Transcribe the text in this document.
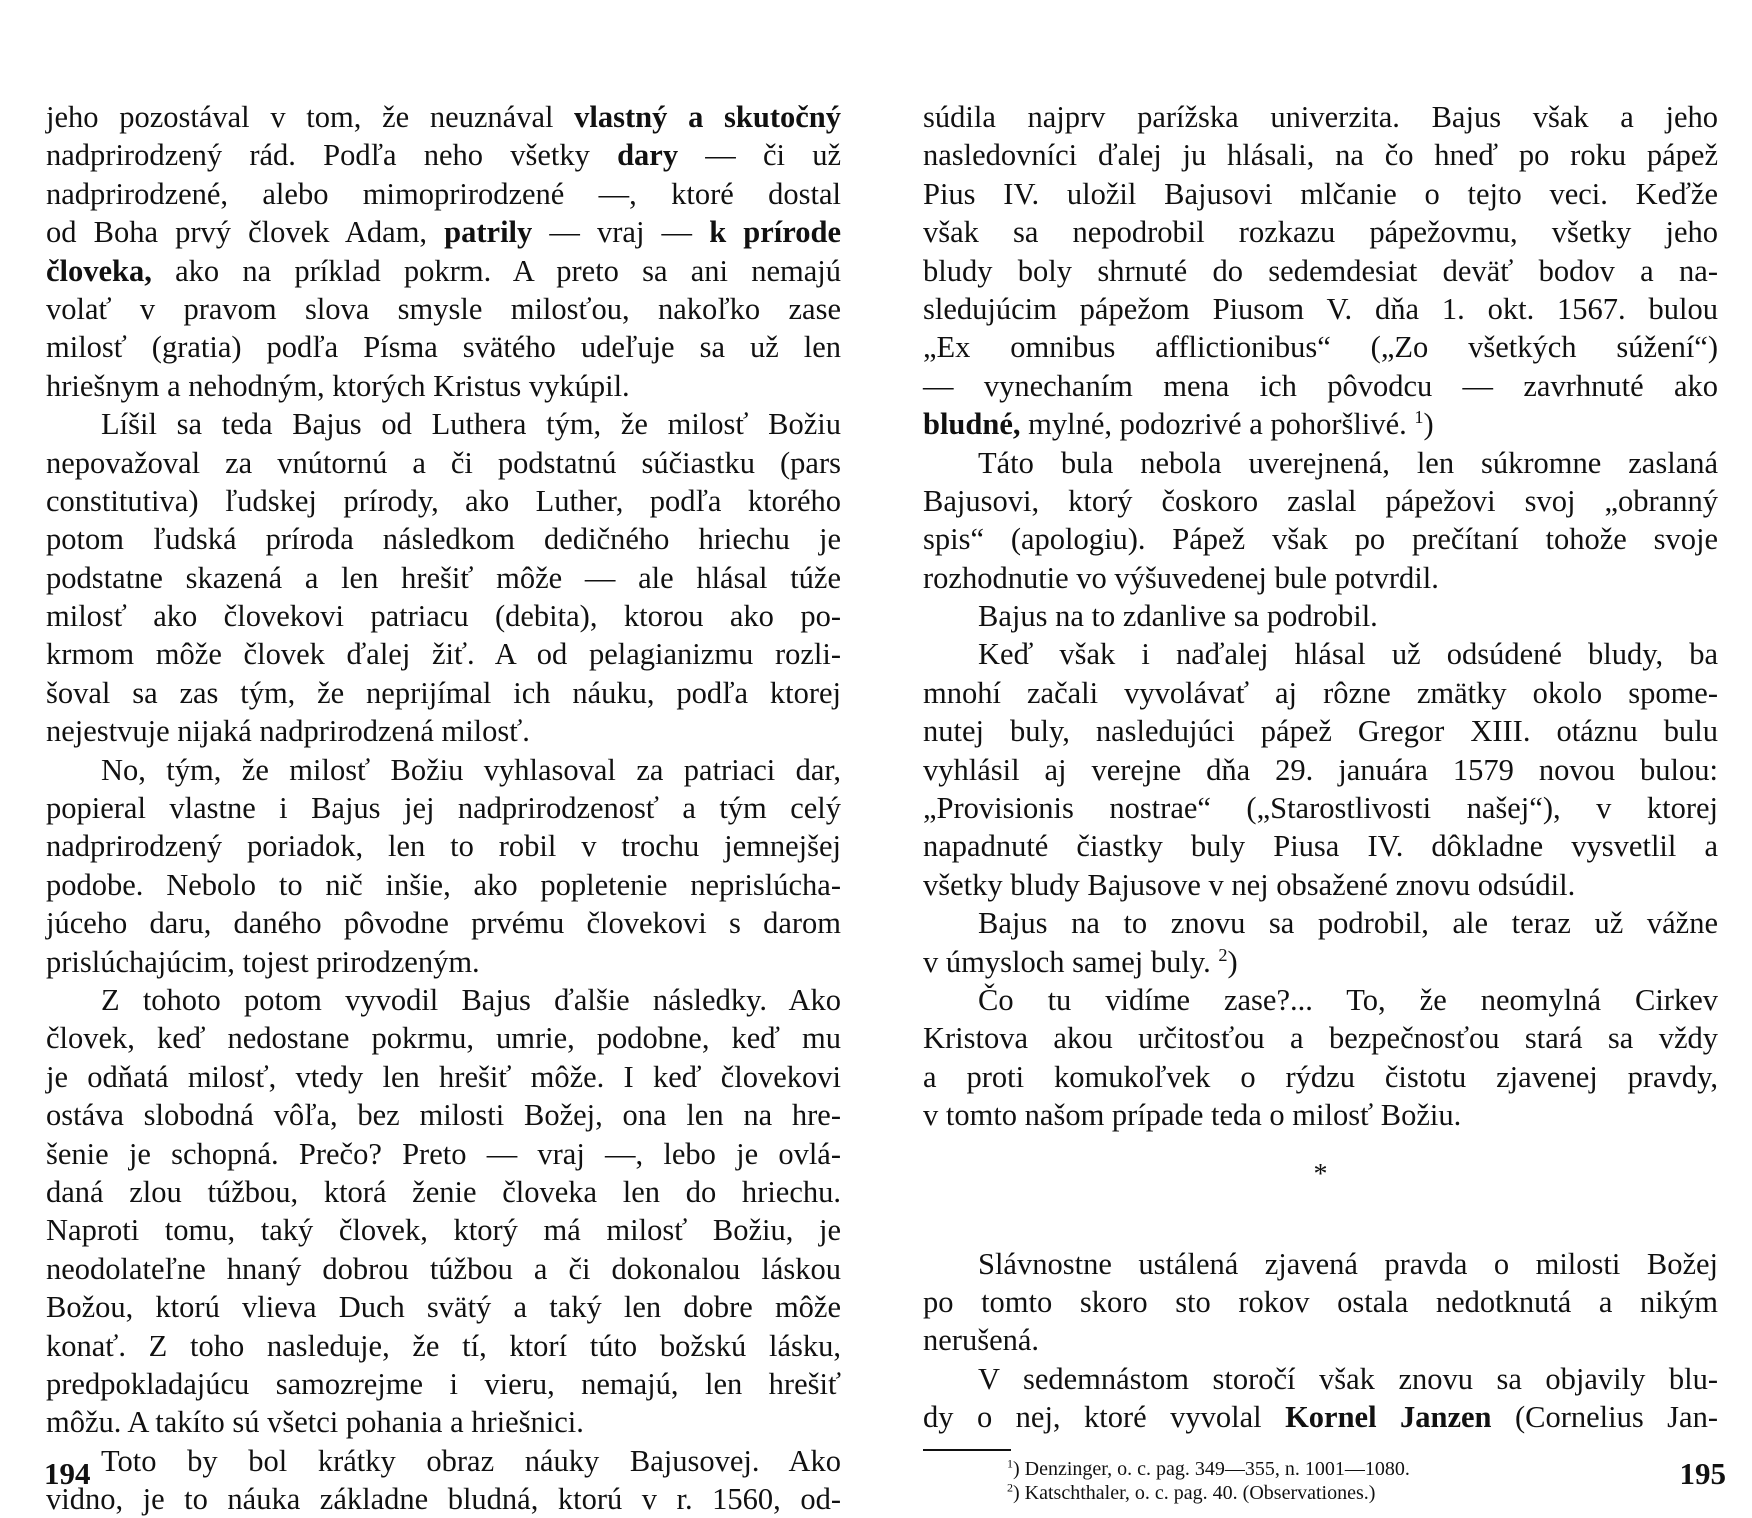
jeho pozostával v tom, že neuznával vlastný a skutočný
nadprirodzený rád. Podľa neho všetky dary — či už
nadprirodzené, alebo mimoprirodzené —, ktoré dostal
od Boha prvý človek Adam, patrily — vraj — k prírode
človeka, ako na príklad pokrm. A preto sa ani nemajú
volať v pravom slova smysle milosťou, nakoľko zase
milosť (gratia) podľa Písma svätého udeľuje sa už len
hriešnym a nehodným, ktorých Kristus vykúpil.
Líšil sa teda Bajus od Luthera tým, že milosť Božiu
nepovažoval za vnútornú a či podstatnú súčiastku (pars
constitutiva) ľudskej prírody, ako Luther, podľa ktorého
potom ľudská príroda následkom dedičného hriechu je
podstatne skazená a len hrešiť môže — ale hlásal túže
milosť ako človekovi patriacu (debita), ktorou ako po-
krmom môže človek ďalej žiť. A od pelagianizmu rozli-
šoval sa zas tým, že neprijímal ich náuku, podľa ktorej
nejestvuje nijaká nadprirodzená milosť.
No, tým, že milosť Božiu vyhlasoval za patriaci dar,
popieral vlastne i Bajus jej nadprirodzenosť a tým celý
nadprirodzený poriadok, len to robil v trochu jemnejšej
podobe. Nebolo to nič inšie, ako popletenie neprislúcha-
júceho daru, daného pôvodne prvému človekovi s darom
prislúchajúcim, tojest prirodzeným.
Z tohoto potom vyvodil Bajus ďalšie následky. Ako
človek, keď nedostane pokrmu, umrie, podobne, keď mu
je odňatá milosť, vtedy len hrešiť môže. I keď človekovi
ostáva slobodná vôľa, bez milosti Božej, ona len na hre-
šenie je schopná. Prečo? Preto — vraj —, lebo je ovlá-
daná zlou túžbou, ktorá ženie človeka len do hriechu.
Naproti tomu, taký človek, ktorý má milosť Božiu, je
neodolateľne hnaný dobrou túžbou a či dokonalou láskou
Božou, ktorú vlieva Duch svätý a taký len dobre môže
konať. Z toho nasleduje, že tí, ktorí túto božskú lásku,
predpokladajúcu samozrejme i vieru, nemajú, len hrešiť
môžu. A takíto sú všetci pohania a hriešnici.
Toto by bol krátky obraz náuky Bajusovej. Ako
vidno, je to náuka základne bludná, ktorú v r. 1560, od-
194
súdila najprv parížska univerzita. Bajus však a jeho
nasledovníci ďalej ju hlásali, na čo hneď po roku pápež
Pius IV. uložil Bajusovi mlčanie o tejto veci. Keďže
však sa nepodrobil rozkazu pápežovmu, všetky jeho
bludy boly shrnuté do sedemdesiat deväť bodov a na-
sledujúcim pápežom Piusom V. dňa 1. okt. 1567. bulou
„Ex omnibus afflictionibus“ („Zo všetkých súžení“)
— vynechaním mena ich pôvodcu — zavrhnuté ako
bludné, mylné, podozrivé a pohoršlivé. $^1$)
Táto bula nebola uverejnená, len súkromne zaslaná
Bajusovi, ktorý čoskoro zaslal pápežovi svoj „obranný
spis“ (apologiu). Pápež však po prečítaní tohože svoje
rozhodnutie vo výšuvedenej bule potvrdil.
Bajus na to zdanlive sa podrobil.
Keď však i naďalej hlásal už odsúdené bludy, ba
mnohí začali vyvolávať aj rôzne zmätky okolo spome-
nutej buly, nasledujúci pápež Gregor XIII. otáznu bulu
vyhlásil aj verejne dňa 29. januára 1579 novou bulou:
„Provisionis nostrae“ („Starostlivosti našej“), v ktorej
napadnuté čiastky buly Piusa IV. dôkladne vysvetlil a
všetky bludy Bajusove v nej obsažené znovu odsúdil.
Bajus na to znovu sa podrobil, ale teraz už vážne
v úmysloch samej buly. $^2$)
Čo tu vidíme zase?... To, že neomylná Cirkev
Kristova akou určitosťou a bezpečnosťou stará sa vždy
a proti komukoľvek o rýdzu čistotu zjavenej pravdy,
v tomto našom prípade teda o milosť Božiu.
*
Slávnostne ustálená zjavená pravda o milosti Božej
po tomto skoro sto rokov ostala nedotknutá a nikým
nerušená.
V sedemnástom storočí však znovu sa objavily blu-
dy o nej, ktoré vyvolal Kornel Janzen (Cornelius Jan-
$^1$) Denzinger, o. c. pag. 349—355, n. 1001—1080.
$^2$) Katschthaler, o. c. pag. 40. (Observationes.)
195
